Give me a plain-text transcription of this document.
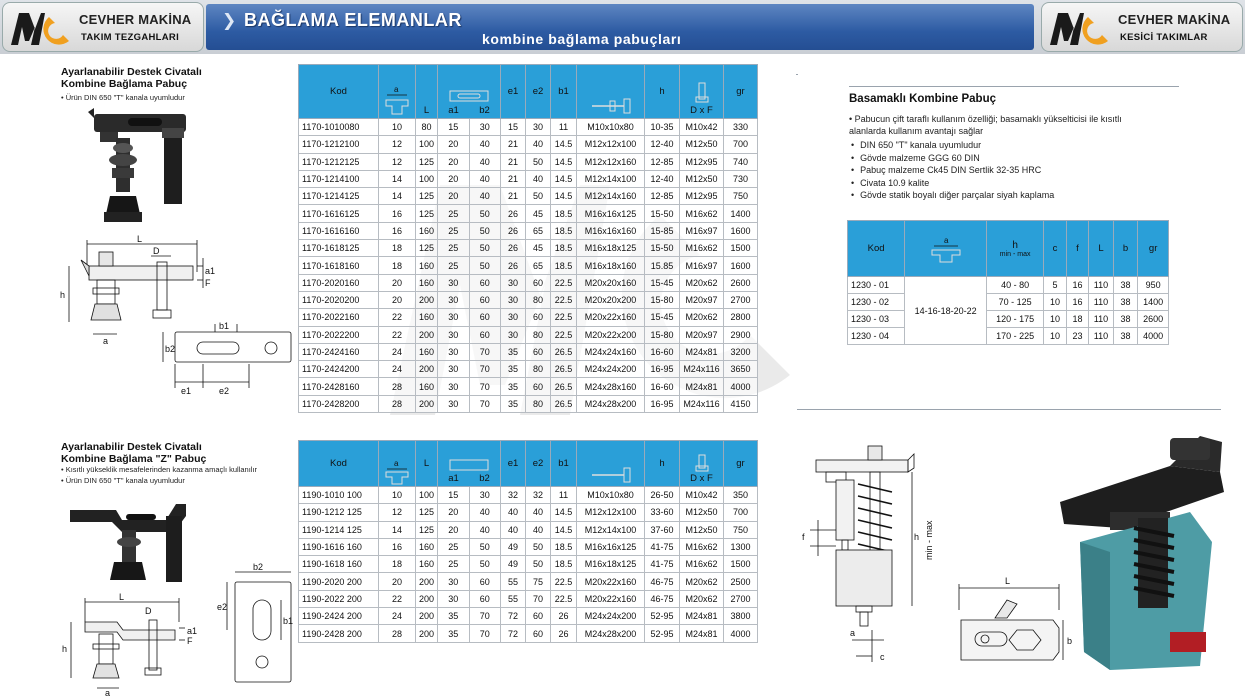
CEVHER MAKİNA
TAKIM TEZGAHLARI
❯ BAĞLAMA ELEMANLAR
kombine bağlama pabuçları
CEVHER MAKİNA
KESİCİ TAKIMLAR
Ayarlanabilir Destek Civatalı
Kombine Bağlama Pabuç
• Ürün DIN 650 "T" kanala uyumludur
L
D
h
a
a1
F
b1
b2
e1	e2
Kod	a	L	a1 b2		e1	e2	b1		h	D x F	gr
1170-1010080	10	80	15	30	15	30	11	M10x10x80	10-35	M10x42	330
1170-1212100	12	100	20	40	21	40	14.5	M12x12x100	12-40	M12x50	700
1170-1212125	12	125	20	40	21	50	14.5	M12x12x160	12-85	M12x95	740
1170-1214100	14	100	20	40	21	40	14.5	M12x14x100	12-40	M12x50	730
1170-1214125	14	125	20	40	21	50	14.5	M12x14x160	12-85	M12x95	750
1170-1616125	16	125	25	50	26	45	18.5	M16x16x125	15-50	M16x62	1400
1170-1616160	16	160	25	50	26	65	18.5	M16x16x160	15-85	M16x97	1600
1170-1618125	18	125	25	50	26	45	18.5	M16x18x125	15-50	M16x62	1500
1170-1618160	18	160	25	50	26	65	18.5	M16x18x160	15.85	M16x97	1600
1170-2020160	20	160	30	60	30	60	22.5	M20x20x160	15-45	M20x62	2600
1170-2020200	20	200	30	60	30	80	22.5	M20x20x200	15-80	M20x97	2700
1170-2022160	22	160	30	60	30	60	22.5	M20x22x160	15-45	M20x62	2800
1170-2022200	22	200	30	60	30	80	22.5	M20x22x200	15-80	M20x97	2900
1170-2424160	24	160	30	70	35	60	26.5	M24x24x160	16-60	M24x81	3200
1170-2424200	24	200	30	70	35	80	26.5	M24x24x200	16-95	M24x116	3650
1170-2428160	28	160	30	70	35	60	26.5	M24x28x160	16-60	M24x81	4000
1170-2428200	28	200	30	70	35	80	26.5	M24x28x200	16-95	M24x116	4150
Ayarlanabilir Destek Civatalı
Kombine Bağlama "Z" Pabuç
• Kısıtlı yükseklik mesafelerinden kazanma amaçlı kullanılır
• Ürün DIN 650 "T" kanala uyumludur
L
D
h
a
a1
F
b2
e2
b1
Kod	a	L	a1 b2		e1	e2	b1		h	D x F	gr
1190-1010 100	10	100	15	30	32	32	11	M10x10x80	26-50	M10x42	350
1190-1212 125	12	125	20	40	40	40	14.5	M12x12x100	33-60	M12x50	700
1190-1214 125	14	125	20	40	40	40	14.5	M12x14x100	37-60	M12x50	750
1190-1616 160	16	160	25	50	49	50	18.5	M16x16x125	41-75	M16x62	1300
1190-1618 160	18	160	25	50	49	50	18.5	M16x18x125	41-75	M16x62	1500
1190-2020 200	20	200	30	60	55	75	22.5	M20x22x160	46-75	M20x62	2500
1190-2022 200	22	200	30	60	55	70	22.5	M20x22x160	46-75	M20x62	2700
1190-2424 200	24	200	35	70	72	60	26	M24x24x200	52-95	M24x81	3800
1190-2428 200	28	200	35	70	72	60	26	M24x28x200	52-95	M24x81	4000
Basamaklı Kombine Pabuç
• Pabucun çift taraflı kullanım özelliği; basamaklı yükselticisi ile kısıtlı alanlarda kullanım avantajı sağlar
• DIN 650 "T" kanala uyumludur
• Gövde malzeme GGG 60 DIN
• Pabuç malzeme Ck45 DIN Sertlik 32-35 HRC
• Civata 10.9 kalite
• Gövde statik boyalı diğer parçalar siyah kaplama
Kod	a	h
min - max	c	f	L	b	gr
1230 - 01	14-16-18-20-22	40 - 80	5	16	110	38	950
1230 - 02		70 - 125	10	16	110	38	1400
1230 - 03		120 - 175	10	18	110	38	2600
1230 - 04		170 - 225	10	23	110	38	4000
f	h min - max
a
c
L
b
